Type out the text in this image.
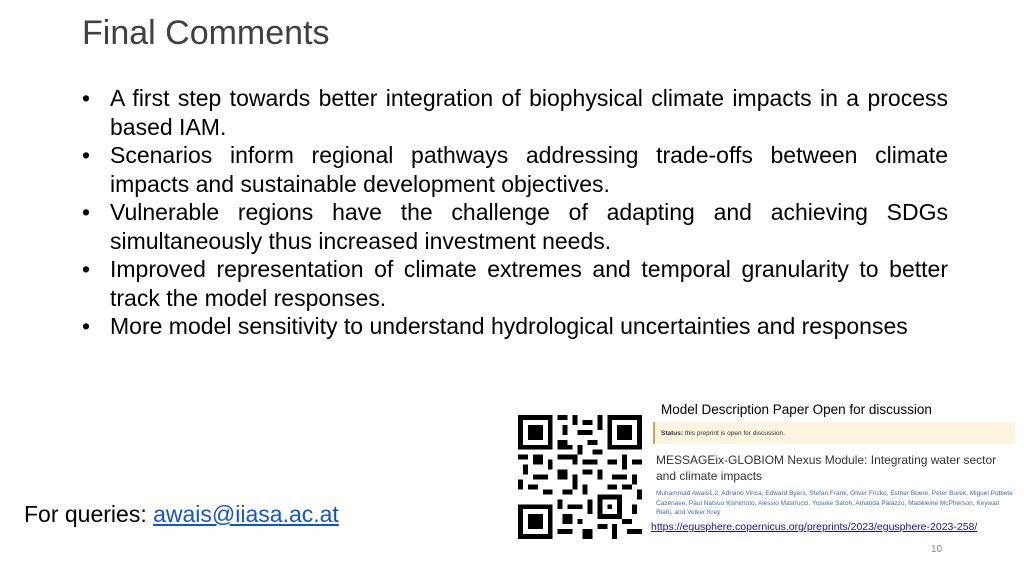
Final Comments
• A first step towards better integration of biophysical climate impacts in a process based IAM.
• Scenarios inform regional pathways addressing trade-offs between climate impacts and sustainable development objectives.
• Vulnerable regions have the challenge of adapting and achieving SDGs simultaneously thus increased investment needs.
• Improved representation of climate extremes and temporal granularity to better track the model responses.
• More model sensitivity to understand hydrological uncertainties and responses
Model Description Paper Open for discussion
Status: this preprint is open for discussion.
MESSAGEix-GLOBIOM Nexus Module: Integrating water sector and climate impacts
Muhammad Awais1,2, Adriano Vinca, Edward Byers, Stefan Frank, Oliver Fricko, Esther Boere, Peter Burek, Miguel Poblete Cazenave, Paul Natsuo Kishimoto, Alessio Mastrucci, Yusuke Satoh, Amanda Palazzo, Madeleine McPherson, Keywan Riahi, and Volker Krey
https://egusphere.copernicus.org/preprints/2023/egusphere-2023-258/
For queries: awais@iiasa.ac.at
10
